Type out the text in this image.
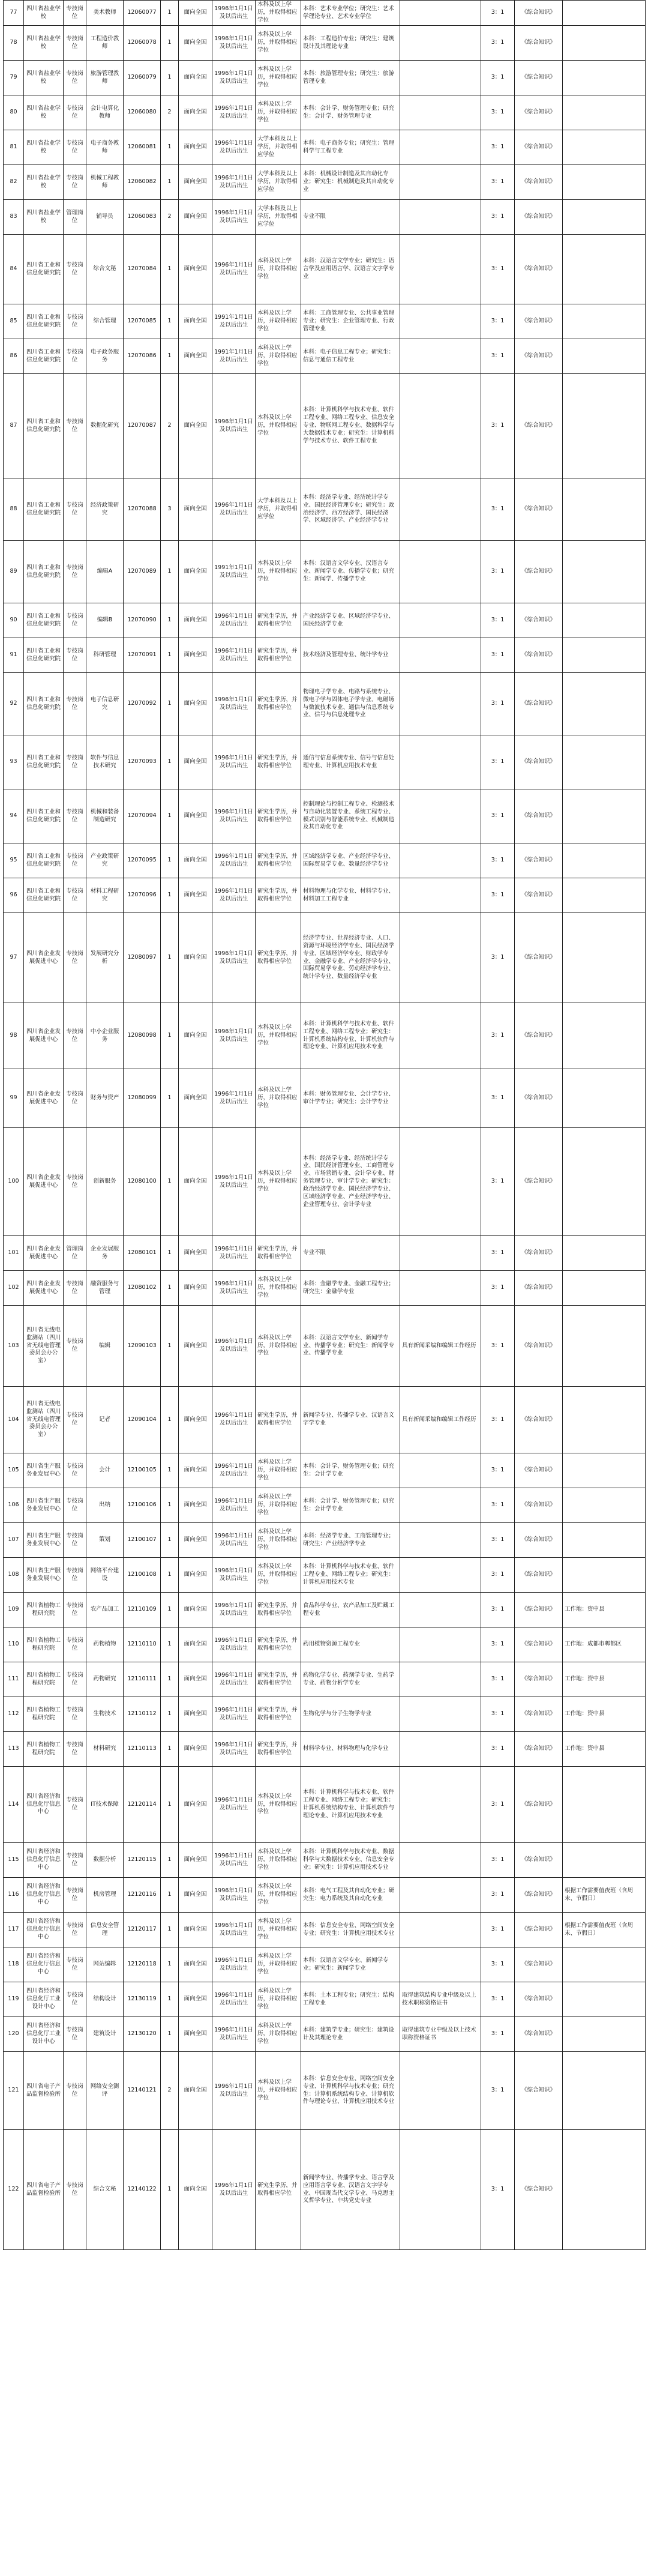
77	四川省盐业学校	专技岗位	美术教师	12060077	1	面向全国	1996年1月1日及以后出生	本科及以上学历，并取得相应学位	本科：艺术专业学位；研究生：艺术学理论专业、艺术专业学位		3：1	《综合知识》	
78	四川省盐业学校	专技岗位	工程造价教师	12060078	1	面向全国	1996年1月1日及以后出生	本科及以上学历，并取得相应学位	本科：工程造价专业；研究生：建筑设计及其理论专业		3：1	《综合知识》	
79	四川省盐业学校	专技岗位	旅游管理教师	12060079	1	面向全国	1996年1月1日及以后出生	本科及以上学历，并取得相应学位	本科：旅游管理专业；研究生：旅游管理专业		3：1	《综合知识》	
80	四川省盐业学校	专技岗位	会计电算化教师	12060080	2	面向全国	1996年1月1日及以后出生	本科及以上学历，并取得相应学位	本科：会计学、财务管理专业；研究生：会计学、财务管理专业		3：1	《综合知识》	
81	四川省盐业学校	专技岗位	电子商务教师	12060081	1	面向全国	1996年1月1日及以后出生	大学本科及以上学历，并取得相应学位	本科：电子商务专业；研究生：管理科学与工程专业		3：1	《综合知识》	
82	四川省盐业学校	专技岗位	机械工程教师	12060082	1	面向全国	1996年1月1日及以后出生	大学本科及以上学历，并取得相应学位	本科：机械设计制造及其自动化专业；研究生：机械制造及其自动化专业		3：1	《综合知识》	
83	四川省盐业学校	管理岗位	辅导员	12060083	2	面向全国	1996年1月1日及以后出生	大学本科及以上学历，并取得相应学位	专业不限		3：1	《综合知识》	
84	四川省工业和信息化研究院	专技岗位	综合文秘	12070084	1	面向全国	1996年1月1日及以后出生	本科及以上学历，并取得相应学位	本科：汉语言文学专业；研究生：语言学及应用语言学、汉语言文字学专业		3：1	《综合知识》	
85	四川省工业和信息化研究院	专技岗位	综合管理	12070085	1	面向全国	1991年1月1日及以后出生	本科及以上学历，并取得相应学位	本科：工商管理专业、公共事业管理专业；研究生：企业管理专业、行政管理专业		3：1	《综合知识》	
86	四川省工业和信息化研究院	专技岗位	电子政务服务	12070086	1	面向全国	1991年1月1日及以后出生	本科及以上学历，并取得相应学位	本科：电子信息工程专业；研究生：信息与通信工程专业		3：1	《综合知识》	
87	四川省工业和信息化研究院	专技岗位	数据化研究	12070087	2	面向全国	1996年1月1日及以后出生	本科及以上学历，并取得相应学位	本科：计算机科学与技术专业、软件工程专业、网络工程专业、信息安全专业、物联网工程专业、数据科学与大数据技术专业；研究生：计算机科学与技术专业、软件工程专业		3：1	《综合知识》	
88	四川省工业和信息化研究院	专技岗位	经济政策研究	12070088	3	面向全国	1996年1月1日及以后出生	大学本科及以上学历，并取得相应学位	本科：经济学专业、经济统计学专业、国民经济管理专业；研究生：政治经济学、西方经济学、国民经济学、区域经济学、产业经济学专业		3：1	《综合知识》	
89	四川省工业和信息化研究院	专技岗位	编辑A	12070089	1	面向全国	1991年1月1日及以后出生	本科及以上学历，并取得相应学位	本科：汉语言文学专业、汉语言专业、新闻学专业、传播学专业；研究生：新闻学、传播学专业		3：1	《综合知识》	
90	四川省工业和信息化研究院	专技岗位	编辑B	12070090	1	面向全国	1996年1月1日及以后出生	研究生学历，并取得相应学位	产业经济学专业、区域经济学专业、国民经济学专业		3：1	《综合知识》	
91	四川省工业和信息化研究院	专技岗位	科研管理	12070091	1	面向全国	1996年1月1日及以后出生	研究生学历，并取得相应学位	技术经济及管理专业、统计学专业		3：1	《综合知识》	
92	四川省工业和信息化研究院	专技岗位	电子信息研究	12070092	1	面向全国	1996年1月1日及以后出生	研究生学历，并取得相应学位	物理电子学专业、电路与系统专业、微电子学与固体电子学专业、电磁场与微波技术专业、通信与信息系统专业、信号与信息处理专业		3：1	《综合知识》	
93	四川省工业和信息化研究院	专技岗位	软件与信息技术研究	12070093	1	面向全国	1996年1月1日及以后出生	研究生学历，并取得相应学位	通信与信息系统专业、信号与信息处理专业、计算机应用技术专业		3：1	《综合知识》	
94	四川省工业和信息化研究院	专技岗位	机械和装备制造研究	12070094	1	面向全国	1996年1月1日及以后出生	研究生学历，并取得相应学位	控制理论与控制工程专业、检测技术与自动化装置专业、系统工程专业、模式识别与智能系统专业、机械制造及其自动化专业		3：1	《综合知识》	
95	四川省工业和信息化研究院	专技岗位	产业政策研究	12070095	1	面向全国	1996年1月1日及以后出生	研究生学历，并取得相应学位	区域经济学专业、产业经济学专业、国际贸易学专业、数量经济学专业		3：1	《综合知识》	
96	四川省工业和信息化研究院	专技岗位	材料工程研究	12070096	1	面向全国	1996年1月1日及以后出生	研究生学历，并取得相应学位	材料物理与化学专业、材料学专业、材料加工工程专业		3：1	《综合知识》	
97	四川省企业发展促进中心	专技岗位	发展研究分析	12080097	1	面向全国	1996年1月1日及以后出生	研究生学历，并取得相应学位	经济学专业、世界经济专业、人口、资源与环境经济学专业、国民经济学专业、区域经济学专业、财政学专业、金融学专业、产业经济学专业、国际贸易学专业、劳动经济学专业、统计学专业、数量经济学专业		3：1	《综合知识》	
98	四川省企业发展促进中心	专技岗位	中小企业服务	12080098	1	面向全国	1996年1月1日及以后出生	本科及以上学历，并取得相应学位	本科：计算机科学与技术专业、软件工程专业、网络工程专业；研究生：计算机系统结构专业、计算机软件与理论专业、计算机应用技术专业		3：1	《综合知识》	
99	四川省企业发展促进中心	专技岗位	财务与资产	12080099	1	面向全国	1996年1月1日及以后出生	本科及以上学历，并取得相应学位	本科：财务管理专业、会计学专业、审计学专业；研究生：会计学专业		3：1	《综合知识》	
100	四川省企业发展促进中心	专技岗位	创新服务	12080100	1	面向全国	1996年1月1日及以后出生	本科及以上学历，并取得相应学位	本科：经济学专业、经济统计学专业、国民经济管理专业、工商管理专业、市场营销专业、会计学专业、财务管理专业、审计学专业；研究生：政治经济学专业、国民经济学专业、区域经济学专业、产业经济学专业、企业管理专业、会计学专业		3：1	《综合知识》	
101	四川省企业发展促进中心	管理岗位	企业发展服务	12080101	1	面向全国	1996年1月1日及以后出生	研究生学历，并取得相应学位	专业不限		3：1	《综合知识》	
102	四川省企业发展促进中心	专技岗位	融资服务与管理	12080102	1	面向全国	1996年1月1日及以后出生	本科及以上学历，并取得相应学位	本科：金融学专业、金融工程专业；研究生：金融学专业		3：1	《综合知识》	
103	四川省无线电监测站（四川省无线电管理委员会办公室）	专技岗位	编辑	12090103	1	面向全国	1996年1月1日及以后出生	本科及以上学历，并取得相应学位	本科：汉语言文学专业、新闻学专业、传播学专业；研究生：新闻学专业、传播学专业	具有新闻采编和编辑工作经历	3：1	《综合知识》	
104	四川省无线电监测站（四川省无线电管理委员会办公室）	专技岗位	记者	12090104	1	面向全国	1996年1月1日及以后出生	研究生学历，并取得相应学位	新闻学专业、传播学专业、汉语言文字学专业	具有新闻采编和编辑工作经历	3：1	《综合知识》	
105	四川省生产服务业发展中心	专技岗位	会计	12100105	1	面向全国	1996年1月1日及以后出生	本科及以上学历，并取得相应学位	本科：会计学、财务管理专业；研究生：会计学专业		3：1	《综合知识》	
106	四川省生产服务业发展中心	专技岗位	出纳	12100106	1	面向全国	1996年1月1日及以后出生	本科及以上学历，并取得相应学位	本科：会计学、财务管理专业；研究生：会计学专业		3：1	《综合知识》	
107	四川省生产服务业发展中心	专技岗位	策划	12100107	1	面向全国	1996年1月1日及以后出生	本科及以上学历，并取得相应学位	本科：经济学专业、工商管理专业；研究生：产业经济学专业		3：1	《综合知识》	
108	四川省生产服务业发展中心	专技岗位	网络平台建设	12100108	1	面向全国	1996年1月1日及以后出生	本科及以上学历，并取得相应学位	本科：计算机科学与技术专业、软件工程专业、网络工程专业；研究生：计算机应用技术专业		3：1	《综合知识》	
109	四川省植物工程研究院	专技岗位	农产品加工	12110109	1	面向全国	1996年1月1日及以后出生	研究生学历，并取得相应学位	食品科学专业、农产品加工及贮藏工程专业		3：1	《综合知识》	工作地：资中县
110	四川省植物工程研究院	专技岗位	药物植物	12110110	1	面向全国	1996年1月1日及以后出生	研究生学历，并取得相应学位	药用植物资源工程专业		3：1	《综合知识》	工作地：成都市郫都区
111	四川省植物工程研究院	专技岗位	药物研究	12110111	1	面向全国	1996年1月1日及以后出生	研究生学历，并取得相应学位	药物化学专业、药剂学专业、生药学专业、药物分析学专业		3：1	《综合知识》	工作地：资中县
112	四川省植物工程研究院	专技岗位	生物技术	12110112	1	面向全国	1996年1月1日及以后出生	研究生学历，并取得相应学位	生物化学与分子生物学专业		3：1	《综合知识》	工作地：资中县
113	四川省植物工程研究院	专技岗位	材料研究	12110113	1	面向全国	1996年1月1日及以后出生	研究生学历，并取得相应学位	材料学专业、材料物理与化学专业		3：1	《综合知识》	工作地：资中县
114	四川省经济和信息化厅信息中心	专技岗位	IT技术保障	12120114	1	面向全国	1996年1月1日及以后出生	本科及以上学历，并取得相应学位	本科：计算机科学与技术专业、软件工程专业、网络工程专业；研究生：计算机系统结构专业、计算机软件与理论专业、计算机应用技术专业		3：1	《综合知识》	
115	四川省经济和信息化厅信息中心	专技岗位	数据分析	12120115	1	面向全国	1996年1月1日及以后出生	本科及以上学历，并取得相应学位	本科：计算机科学与技术专业、数据科学与大数据技术专业、信息安全专业；研究生：计算机应用技术专业		3：1	《综合知识》	
116	四川省经济和信息化厅信息中心	专技岗位	机房管理	12120116	1	面向全国	1996年1月1日及以后出生	本科及以上学历，并取得相应学位	本科：电气工程及其自动化专业；研究生：电力系统及其自动化专业		3：1	《综合知识》	根据工作需要值夜班（含周末、节假日）
117	四川省经济和信息化厅信息中心	专技岗位	信息安全管理	12120117	1	面向全国	1996年1月1日及以后出生	本科及以上学历，并取得相应学位	本科：信息安全专业、网络空间安全专业；研究生：计算机应用技术专业		3：1	《综合知识》	根据工作需要值夜班（含周末、节假日）
118	四川省经济和信息化厅信息中心	专技岗位	网站编辑	12120118	1	面向全国	1996年1月1日及以后出生	本科及以上学历，并取得相应学位	本科：汉语言文学专业、新闻学专业；研究生：新闻学专业		3：1	《综合知识》	
119	四川省经济和信息化厅工业设计中心	专技岗位	结构设计	12130119	1	面向全国	1996年1月1日及以后出生	本科及以上学历，并取得相应学位	本科：土木工程专业；研究生：结构工程专业	取得建筑结构专业中级及以上技术职称资格证书	3：1	《综合知识》	
120	四川省经济和信息化厅工业设计中心	专技岗位	建筑设计	12130120	1	面向全国	1996年1月1日及以后出生	本科及以上学历，并取得相应学位	本科：建筑学专业；研究生：建筑设计及其理论专业	取得建筑专业中级及以上技术职称资格证书	3：1	《综合知识》	
121	四川省电子产品监督检验所	专技岗位	网络安全测评	12140121	2	面向全国	1996年1月1日及以后出生	本科及以上学历，并取得相应学位	本科：信息安全专业、网络空间安全专业、计算机科学与技术专业；研究生：计算机系统结构专业、计算机软件与理论专业、计算机应用技术专业		3：1	《综合知识》	
122	四川省电子产品监督检验所	专技岗位	综合文秘	12140122	1	面向全国	1996年1月1日及以后出生	研究生学历，并取得相应学位	新闻学专业、传播学专业、语言学及应用语言学专业、汉语言文字学专业、中国现当代文学专业、马克思主义哲学专业、中共党史专业		3：1	《综合知识》	
